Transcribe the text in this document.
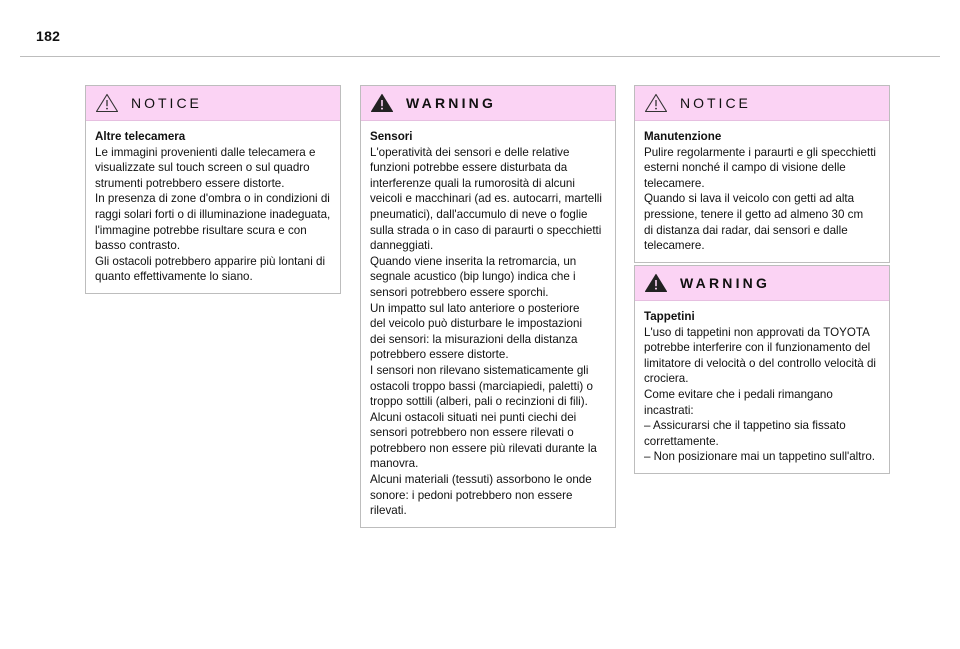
182
NOTICE
Altre telecamera
Le immagini provenienti dalle telecamera e
visualizzate sul touch screen o sul quadro
strumenti potrebbero essere distorte.
In presenza di zone d'ombra o in condizioni di
raggi solari forti o di illuminazione inadeguata,
l'immagine potrebbe risultare scura e con
basso contrasto.
Gli ostacoli potrebbero apparire più lontani di
quanto effettivamente lo siano.
WARNING
Sensori
L'operatività dei sensori e delle relative
funzioni potrebbe essere disturbata da
interferenze quali la rumorosità di alcuni
veicoli e macchinari (ad es. autocarri, martelli
pneumatici), dall'accumulo di neve o foglie
sulla strada o in caso di paraurti o specchietti
danneggiati.
Quando viene inserita la retromarcia, un
segnale acustico (bip lungo) indica che i
sensori potrebbero essere sporchi.
Un impatto sul lato anteriore o posteriore
del veicolo può disturbare le impostazioni
dei sensori: la misurazioni della distanza
potrebbero essere distorte.
I sensori non rilevano sistematicamente gli
ostacoli troppo bassi (marciapiedi, paletti) o
troppo sottili (alberi, pali o recinzioni di fili).
Alcuni ostacoli situati nei punti ciechi dei
sensori potrebbero non essere rilevati o
potrebbero non essere più rilevati durante la
manovra.
Alcuni materiali (tessuti) assorbono le onde
sonore: i pedoni potrebbero non essere
rilevati.
NOTICE
Manutenzione
Pulire regolarmente i paraurti e gli specchietti
esterni nonché il campo di visione delle
telecamere.
Quando si lava il veicolo con getti ad alta
pressione, tenere il getto ad almeno 30 cm
di distanza dai radar, dai sensori e dalle
telecamere.
WARNING
Tappetini
L'uso di tappetini non approvati da TOYOTA
potrebbe interferire con il funzionamento del
limitatore di velocità o del controllo velocità di
crociera.
Come evitare che i pedali rimangano
incastrati:
– Assicurarsi che il tappetino sia fissato
correttamente.
– Non posizionare mai un tappetino sull'altro.
